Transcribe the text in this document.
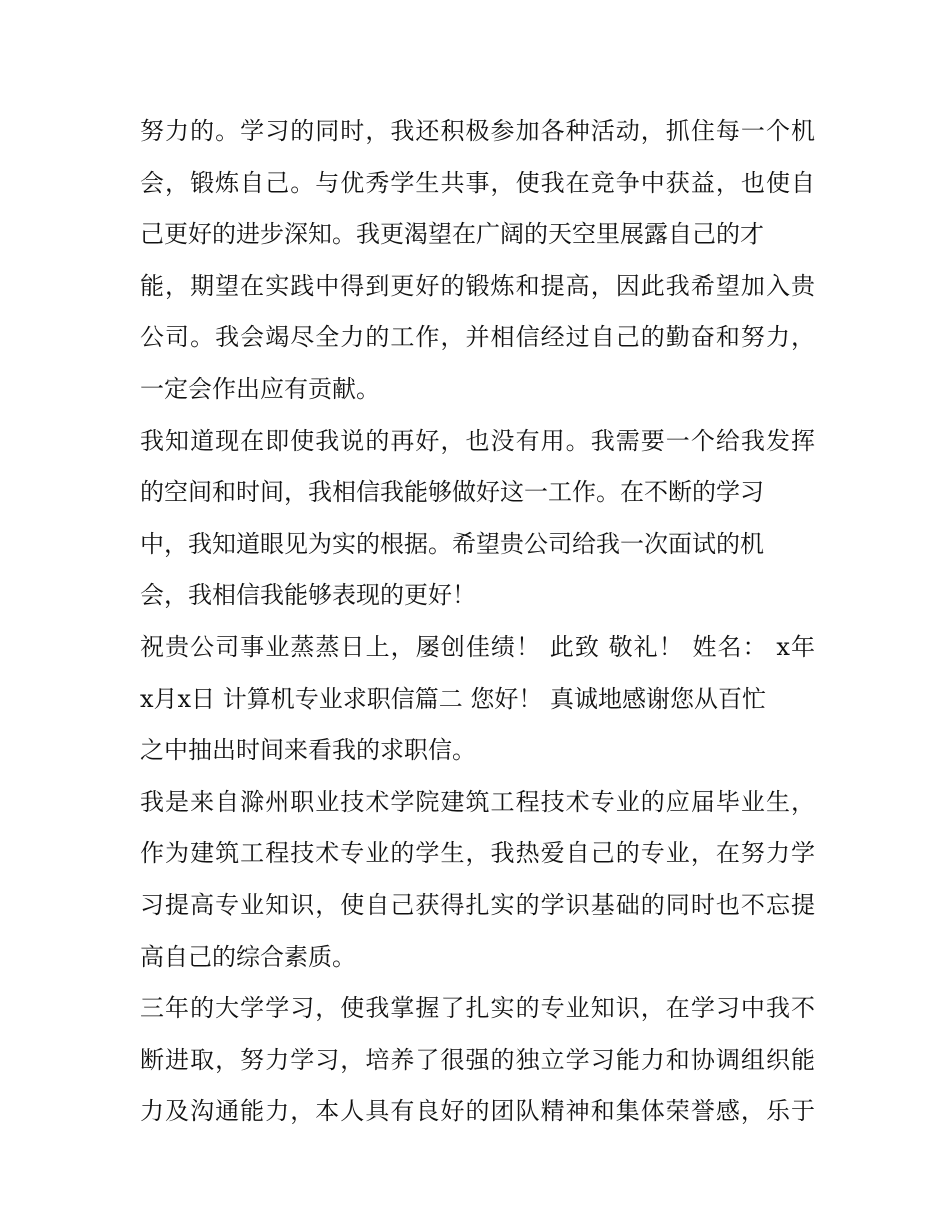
努力的。学习的同时，我还积极参加各种活动，抓住每一个机
会，锻炼自己。与优秀学生共事，使我在竞争中获益，也使自
己更好的进步深知。我更渴望在广阔的天空里展露自己的才
能，期望在实践中得到更好的锻炼和提高，因此我希望加入贵
公司。我会竭尽全力的工作，并相信经过自己的勤奋和努力，
一定会作出应有贡献。
我知道现在即使我说的再好，也没有用。我需要一个给我发挥
的空间和时间，我相信我能够做好这一工作。在不断的学习
中，我知道眼见为实的根据。希望贵公司给我一次面试的机
会，我相信我能够表现的更好！
祝贵公司事业蒸蒸日上，屡创佳绩！ 此致 敬礼！ 姓名： x年
x月x日 计算机专业求职信篇二 您好！ 真诚地感谢您从百忙
之中抽出时间来看我的求职信。
我是来自滁州职业技术学院建筑工程技术专业的应届毕业生，
作为建筑工程技术专业的学生，我热爱自己的专业，在努力学
习提高专业知识，使自己获得扎实的学识基础的同时也不忘提
高自己的综合素质。
三年的大学学习，使我掌握了扎实的专业知识，在学习中我不
断进取，努力学习，培养了很强的独立学习能力和协调组织能
力及沟通能力，本人具有良好的团队精神和集体荣誉感，乐于
